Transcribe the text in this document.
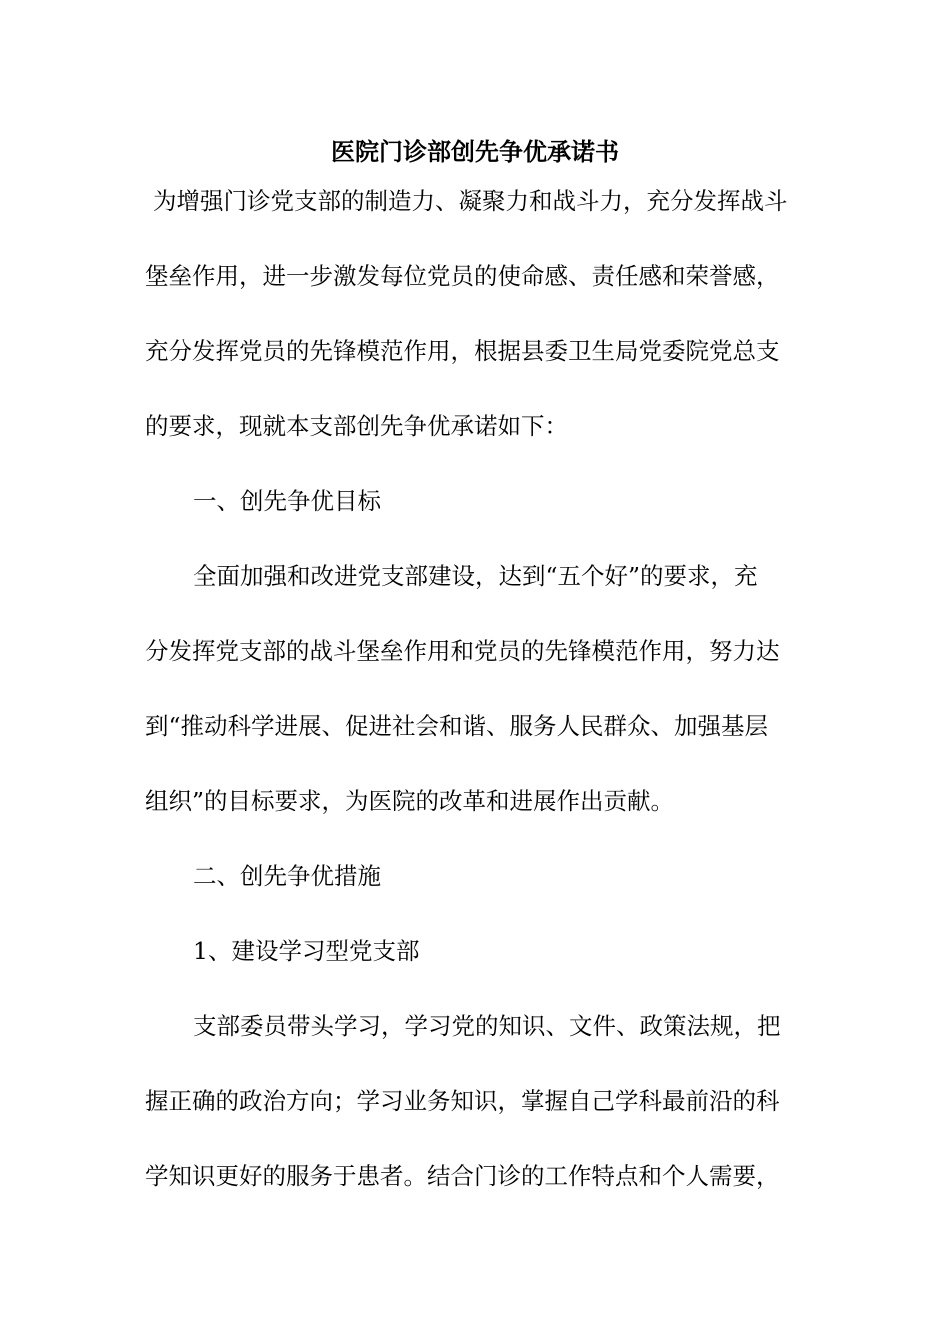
医院门诊部创先争优承诺书
为增强门诊党支部的制造力、凝聚力和战斗力，充分发挥战斗
堡垒作用，进一步激发每位党员的使命感、责任感和荣誉感，
充分发挥党员的先锋模范作用，根据县委卫生局党委院党总支
的要求，现就本支部创先争优承诺如下：
一、创先争优目标
全面加强和改进党支部建设，达到“五个好”的要求，充
分发挥党支部的战斗堡垒作用和党员的先锋模范作用，努力达
到“推动科学进展、促进社会和谐、服务人民群众、加强基层
组织”的目标要求，为医院的改革和进展作出贡献。
二、创先争优措施
1、建设学习型党支部
支部委员带头学习，学习党的知识、文件、政策法规，把
握正确的政治方向；学习业务知识，掌握自己学科最前沿的科
学知识更好的服务于患者。结合门诊的工作特点和个人需要，
